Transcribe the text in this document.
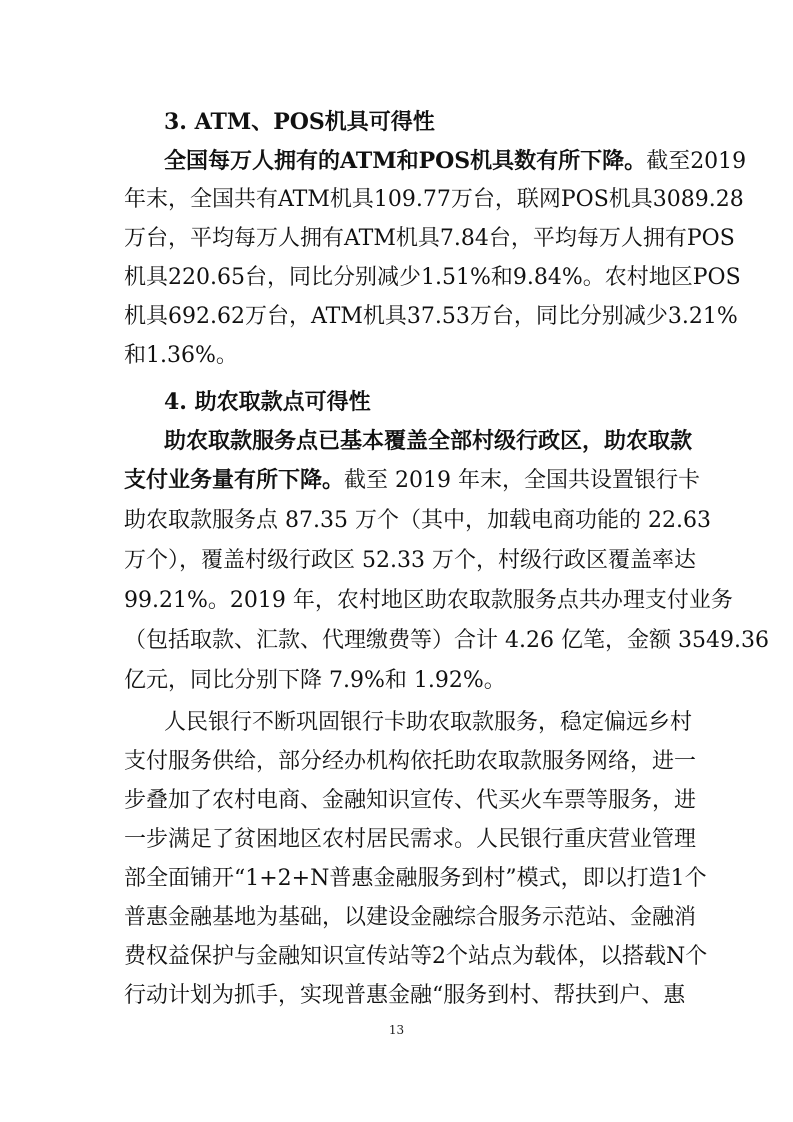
3. ATM、POS机具可得性
全国每万人拥有的ATM和POS机具数有所下降。截至2019
年末，全国共有ATM机具109.77万台，联网POS机具3089.28
万台，平均每万人拥有ATM机具7.84台，平均每万人拥有POS
机具220.65台，同比分别减少1.51%和9.84%。农村地区POS
机具692.62万台，ATM机具37.53万台，同比分别减少3.21%
和1.36%。
4. 助农取款点可得性
助农取款服务点已基本覆盖全部村级行政区，助农取款
支付业务量有所下降。截至 2019 年末，全国共设置银行卡
助农取款服务点 87.35 万个（其中，加载电商功能的 22.63
万个），覆盖村级行政区 52.33 万个，村级行政区覆盖率达
99.21%。2019 年，农村地区助农取款服务点共办理支付业务
（包括取款、汇款、代理缴费等）合计 4.26 亿笔，金额 3549.36
亿元，同比分别下降 7.9%和 1.92%。
人民银行不断巩固银行卡助农取款服务，稳定偏远乡村
支付服务供给，部分经办机构依托助农取款服务网络，进一
步叠加了农村电商、金融知识宣传、代买火车票等服务，进
一步满足了贫困地区农村居民需求。人民银行重庆营业管理
部全面铺开“1+2+N普惠金融服务到村”模式，即以打造1个
普惠金融基地为基础，以建设金融综合服务示范站、金融消
费权益保护与金融知识宣传站等2个站点为载体，以搭载N个
行动计划为抓手，实现普惠金融“服务到村、帮扶到户、惠
13
